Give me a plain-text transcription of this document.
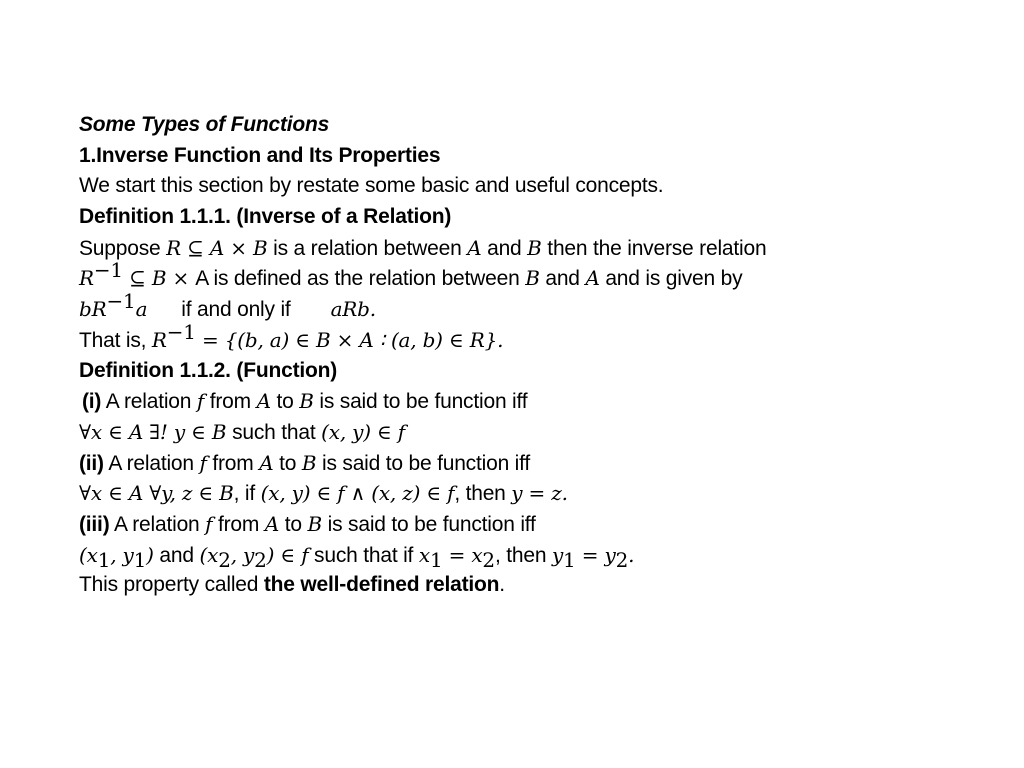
Some Types of Functions
1.Inverse Function and Its Properties
We start this section by restate some basic and useful concepts.
Definition 1.1.1. (Inverse of a Relation)
Suppose R ⊆ A × B is a relation between A and B then the inverse relation
$R^{-1}$ ⊆ B × A is defined as the relation between B and A and is given by
$bR^{-1}a$ if and only if aRb.
That is, $R^{-1} = \{(b$, a) ∈ B × A ∶ (a, b) ∈ R}.
Definition 1.1.2. (Function)
(i) A relation f from A to B is said to be function iff
∀x ∈ A ∃! y ∈ B such that (x, y) ∈ f
(ii) A relation f from A to B is said to be function iff
∀x ∈ A ∀y, z ∈ B, if (x, y) ∈ f ∧ (x, z) ∈ f, then y = z.
(iii) A relation f from A to B is said to be function iff
($x_1$, $y_1$) and ($x_2$, $y_2$) ∈ f such that if $x_1 = x_2$, then $y_1 = y_2$.
This property called the well-defined relation.
